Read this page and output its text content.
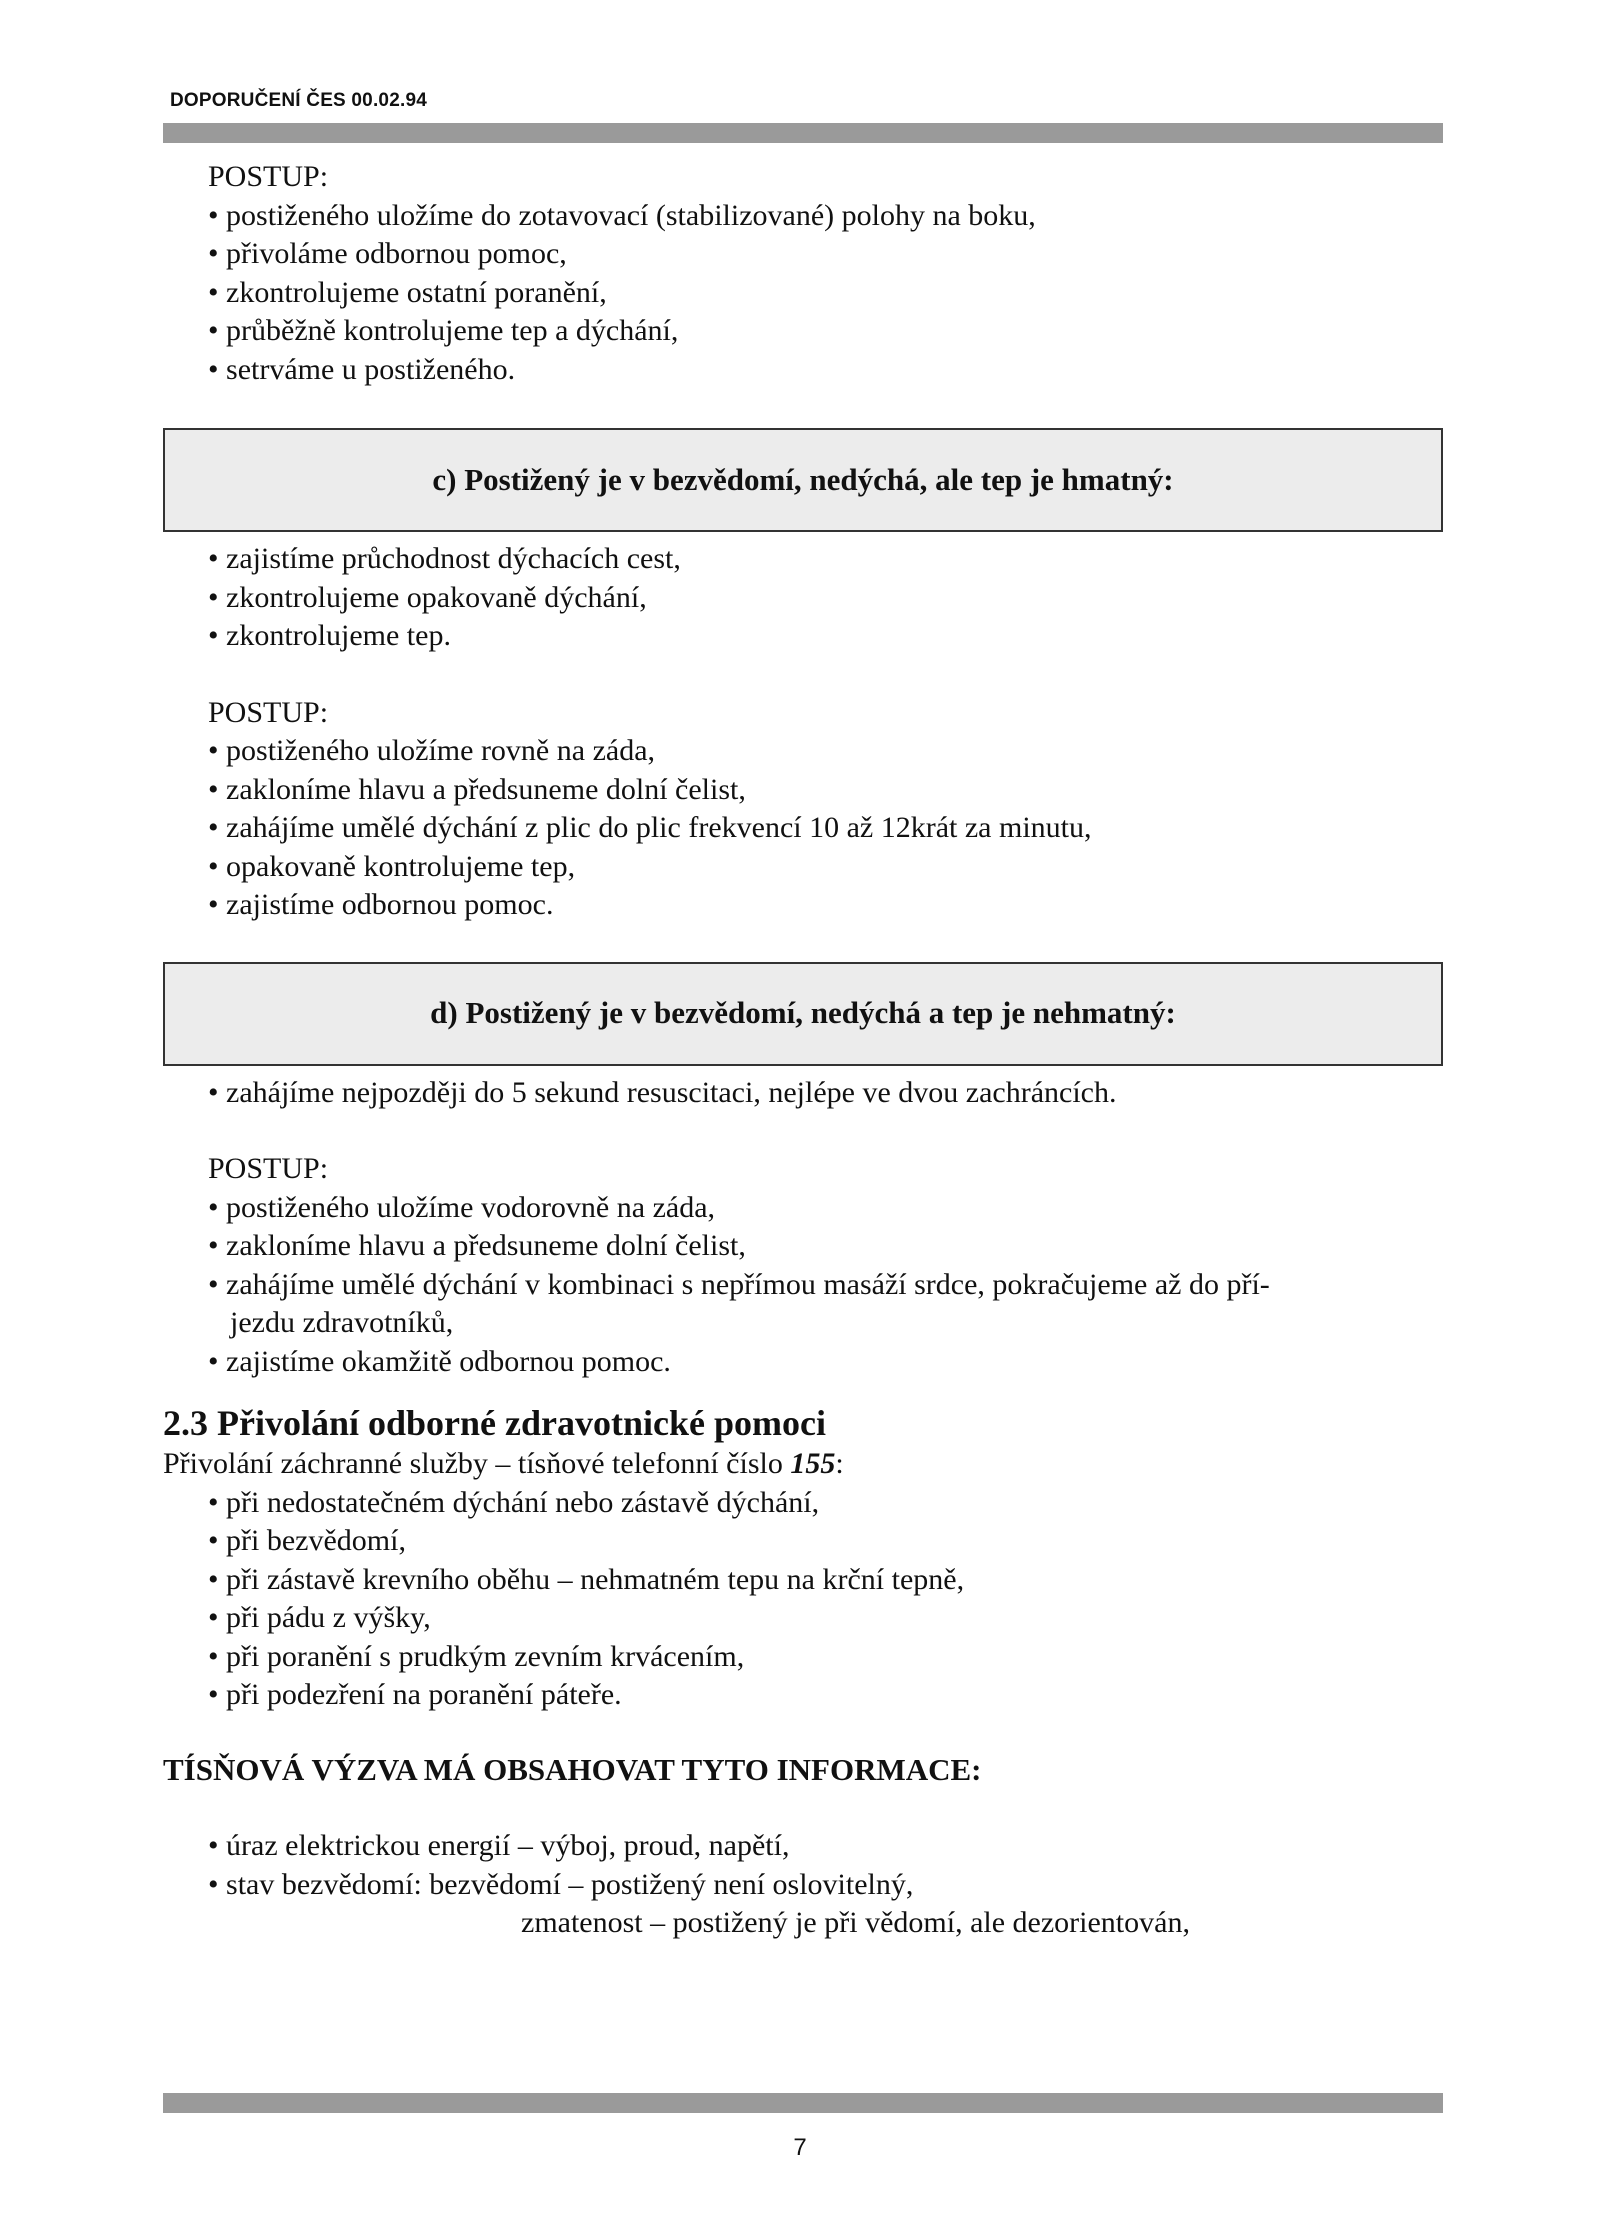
DOPORUČENÍ ČES 00.02.94

POSTUP:

• postiženého uložíme do zotavovací (stabilizované) polohy na boku,

• přivoláme odbornou pomoc,

• zkontrolujeme ostatní poranění,

• průběžně kontrolujeme tep a dýchání,

• setrváme u postiženého.

c) Postižený je v bezvědomí, nedýchá, ale tep je hmatný:

• zajistíme průchodnost dýchacích cest,

• zkontrolujeme opakovaně dýchání,

• zkontrolujeme tep.

POSTUP:

• postiženého uložíme rovně na záda,

• zakloníme hlavu a předsuneme dolní čelist,

• zahájíme umělé dýchání z plic do plic frekvencí 10 až 12krát za minutu,

• opakovaně kontrolujeme tep,

• zajistíme odbornou pomoc.

d) Postižený je v bezvědomí, nedýchá a tep je nehmatný:

• zahájíme nejpozději do 5 sekund resuscitaci, nejlépe ve dvou zachráncích.

POSTUP:

• postiženého uložíme vodorovně na záda,

• zakloníme hlavu a předsuneme dolní čelist,

• zahájíme umělé dýchání v kombinaci s nepřímou masáží srdce, pokračujeme až do pří-

jezdu zdravotníků,

• zajistíme okamžitě odbornou pomoc.

2.3 Přivolání odborné zdravotnické pomoci

Přivolání záchranné služby – tísňové telefonní číslo 155:

• při nedostatečném dýchání nebo zástavě dýchání,

• při bezvědomí,

• při zástavě krevního oběhu – nehmatném tepu na krční tepně,

• při pádu z výšky,

• při poranění s prudkým zevním krvácením,

• při podezření na poranění páteře.

TÍSŇOVÁ VÝZVA MÁ OBSAHOVAT TYTO INFORMACE:

• úraz elektrickou energií – výboj, proud, napětí,

• stav bezvědomí: bezvědomí – postižený není oslovitelný,

zmatenost – postižený je při vědomí, ale dezorientován,

7
